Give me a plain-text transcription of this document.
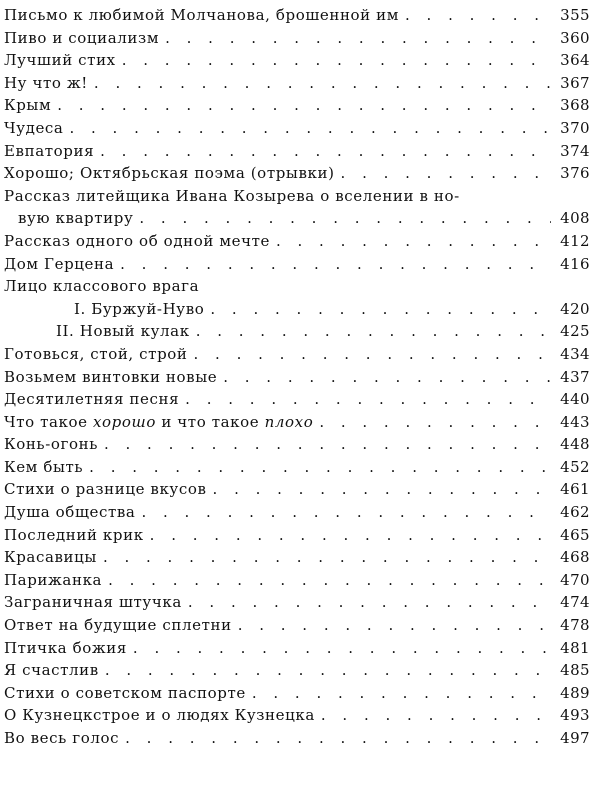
Письмо к любимой Молчанова, брошенной им . . .	355
Пиво и социализм . . .	360
Лучший стих . . .	364
Ну что ж! . . .	367
Крым . . .	368
Чудеса . . .	370
Евпатория . . .	374
Хорошо; Октябрьская поэма (отрывки) . . .	376
Рассказ литейщика Ивана Козырева о вселении в но-
вую квартиру . . .	408
Рассказ одного об одной мечте . . .	412
Дом Герцена . . .	416
Лицо классового врага
I. Буржуй-Нуво . . .	420
II. Новый кулак . . .	425
Готовься, стой, строй . . .	434
Возьмем винтовки новые . . .	437
Десятилетняя песня . . .	440
Что такое хорошо и что такое плохо . . .	443
Конь-огонь . . .	448
Кем быть . . .	452
Стихи о разнице вкусов . . .	461
Душа общества . . .	462
Последний крик . . .	465
Красавицы . . .	468
Парижанка . . .	470
Заграничная штучка . . .	474
Ответ на будущие сплетни . . .	478
Птичка божия . . .	481
Я счастлив . . .	485
Стихи о советском паспорте . . .	489
О Кузнецкстрое и о людях Кузнецка . . .	493
Во весь голос . . .	497
